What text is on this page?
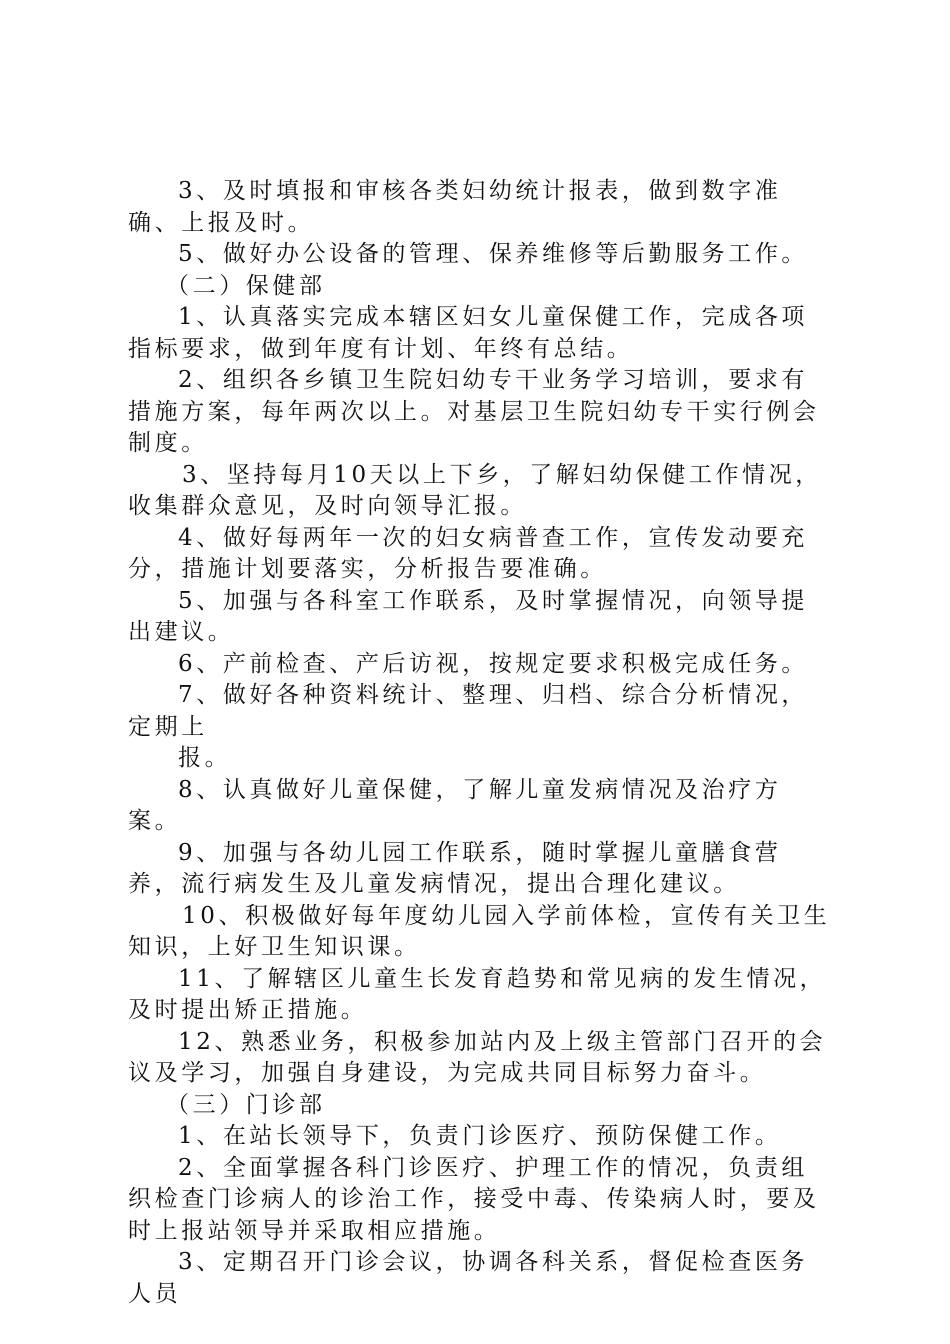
3、及时填报和审核各类妇幼统计报表，做到数字准确、上报及时。

5、做好办公设备的管理、保养维修等后勤服务工作。

（二）保健部

1、认真落实完成本辖区妇女儿童保健工作，完成各项指标要求，做到年度有计划、年终有总结。

2、组织各乡镇卫生院妇幼专干业务学习培训，要求有措施方案，每年两次以上。对基层卫生院妇幼专干实行例会制度。

3、坚持每月10天以上下乡，了解妇幼保健工作情况，收集群众意见，及时向领导汇报。

4、做好每两年一次的妇女病普查工作，宣传发动要充分，措施计划要落实，分析报告要准确。

5、加强与各科室工作联系，及时掌握情况，向领导提出建议。

6、产前检查、产后访视，按规定要求积极完成任务。

7、做好各种资料统计、整理、归档、综合分析情况，定期上

报。

8、认真做好儿童保健，了解儿童发病情况及治疗方案。

9、加强与各幼儿园工作联系，随时掌握儿童膳食营养，流行病发生及儿童发病情况，提出合理化建议。

10、积极做好每年度幼儿园入学前体检，宣传有关卫生知识，上好卫生知识课。

11、了解辖区儿童生长发育趋势和常见病的发生情况，及时提出矫正措施。

12、熟悉业务，积极参加站内及上级主管部门召开的会议及学习，加强自身建设，为完成共同目标努力奋斗。

（三）门诊部

1、在站长领导下，负责门诊医疗、预防保健工作。

2、全面掌握各科门诊医疗、护理工作的情况，负责组织检查门诊病人的诊治工作，接受中毒、传染病人时，要及时上报站领导并采取相应措施。

3、定期召开门诊会议，协调各科关系，督促检查医务人员
